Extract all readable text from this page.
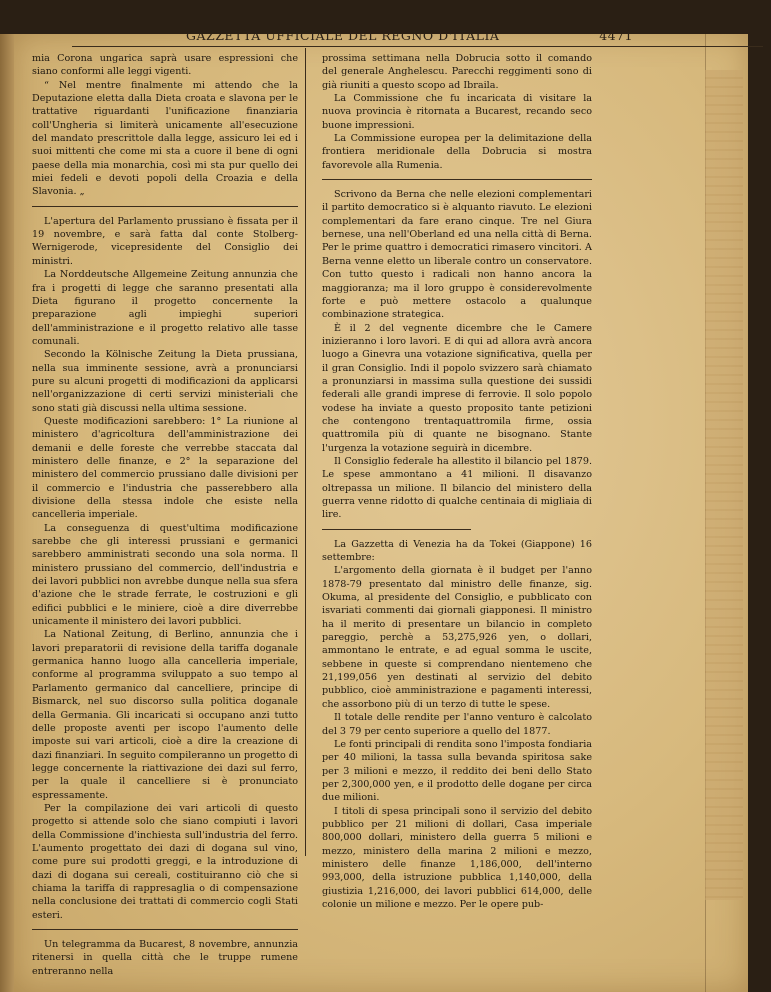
GAZZETTA UFFICIALE DEL REGNO D'ITALIA	4471

mia Corona ungarica saprà usare espressioni che siano conformi alle leggi vigenti.

“ Nel mentre finalmente mi attendo che la Deputazione eletta dalla Dieta croata e slavona per le trattative riguardanti l'unificazione finanziaria coll'Ungheria si limiterà unicamente all'esecuzione del mandato prescrittole dalla legge, assicuro lei ed i suoi mittenti che come mi sta a cuore il bene di ogni paese della mia monarchia, così mi sta pur quello dei miei fedeli e devoti popoli della Croazia e della Slavonia. „

L'apertura del Parlamento prussiano è fissata per il 19 novembre, e sarà fatta dal conte Stolberg-Wernigerode, vicepresidente del Consiglio dei ministri.

La Norddeutsche Allgemeine Zeitung annunzia che fra i progetti di legge che saranno presentati alla Dieta figurano il progetto concernente la preparazione agli impieghi superiori dell'amministrazione e il progetto relativo alle tasse comunali.

Secondo la Kölnische Zeitung la Dieta prussiana, nella sua imminente sessione, avrà a pronunciarsi pure su alcuni progetti di modificazioni da applicarsi nell'organizzazione di certi servizi ministeriali che sono stati già discussi nella ultima sessione.

Queste modificazioni sarebbero: 1° La riunione al ministero d'agricoltura dell'amministrazione dei demanii e delle foreste che verrebbe staccata dal ministero delle finanze, e 2° la separazione del ministero del commercio prussiano dalle divisioni per il commercio e l'industria che passerebbero alla divisione della stessa indole che esiste nella cancelleria imperiale.

La conseguenza di quest'ultima modificazione sarebbe che gli interessi prussiani e germanici sarebbero amministrati secondo una sola norma. Il ministero prussiano del commercio, dell'industria e dei lavori pubblici non avrebbe dunque nella sua sfera d'azione che le strade ferrate, le costruzioni e gli edifici pubblici e le miniere, cioè a dire diverrebbe unicamente il ministero dei lavori pubblici.

La National Zeitung, di Berlino, annunzia che i lavori preparatorii di revisione della tariffa doganale germanica hanno luogo alla cancelleria imperiale, conforme al programma sviluppato a suo tempo al Parlamento germanico dal cancelliere, principe di Bismarck, nel suo discorso sulla politica doganale della Germania. Gli incaricati si occupano anzi tutto delle proposte aventi per iscopo l'aumento delle imposte sui vari articoli, cioè a dire la creazione di dazi finanziari. In seguito compileranno un progetto di legge concernente la riattivazione dei dazi sul ferro, per la quale il cancelliere si è pronunciato espressamente.

Per la compilazione dei vari articoli di questo progetto si attende solo che siano compiuti i lavori della Commissione d'inchiesta sull'industria del ferro. L'aumento progettato dei dazi di dogana sul vino, come pure sui prodotti greggi, e la introduzione di dazi di dogana sui cereali, costituiranno ciò che si chiama la tariffa di rappresaglia o di compensazione nella conclusione dei trattati di commercio cogli Stati esteri.

Un telegramma da Bucarest, 8 novembre, annunzia ritenersi in quella città che le truppe rumene entreranno nella

prossima settimana nella Dobrucia sotto il comando del generale Anghelescu. Parecchi reggimenti sono di già riuniti a questo scopo ad Ibraila.

La Commissione che fu incaricata di visitare la nuova provincia è ritornata a Bucarest, recando seco buone impressioni.

La Commissione europea per la delimitazione della frontiera meridionale della Dobrucia si mostra favorevole alla Rumenia.

Scrivono da Berna che nelle elezioni complementari il partito democratico si è alquanto riavuto. Le elezioni complementari da fare erano cinque. Tre nel Giura bernese, una nell'Oberland ed una nella città di Berna. Per le prime quattro i democratici rimasero vincitori. A Berna venne eletto un liberale contro un conservatore. Con tutto questo i radicali non hanno ancora la maggioranza; ma il loro gruppo è considerevolmente forte e può mettere ostacolo a qualunque combinazione strategica.

È il 2 del vegnente dicembre che le Camere inizieranno i loro lavori. E di qui ad allora avrà ancora luogo a Ginevra una votazione significativa, quella per il gran Consiglio. Indi il popolo svizzero sarà chiamato a pronunziarsi in massima sulla questione dei sussidi federali alle grandi imprese di ferrovie. Il solo popolo vodese ha inviate a questo proposito tante petizioni che contengono trentaquattromila firme, ossia quattromila più di quante ne bisognano. Stante l'urgenza la votazione seguirà in dicembre.

Il Consiglio federale ha allestito il bilancio pel 1879. Le spese ammontano a 41 milioni. Il disavanzo oltrepassa un milione. Il bilancio del ministero della guerra venne ridotto di qualche centinaia di migliaia di lire.

La Gazzetta di Venezia ha da Tokei (Giappone) 16 settembre:

L'argomento della giornata è il budget per l'anno 1878-79 presentato dal ministro delle finanze, sig. Okuma, al presidente del Consiglio, e pubblicato con isvariati commenti dai giornali giapponesi. Il ministro ha il merito di presentare un bilancio in completo pareggio, perchè a 53,275,926 yen, o dollari, ammontano le entrate, e ad egual somma le uscite, sebbene in queste si comprendano nientemeno che 21,199,056 yen destinati al servizio del debito pubblico, cioè amministrazione e pagamenti interessi, che assorbono più di un terzo di tutte le spese.

Il totale delle rendite per l'anno venturo è calcolato del 3 79 per cento superiore a quello del 1877.

Le fonti principali di rendita sono l'imposta fondiaria per 40 milioni, la tassa sulla bevanda spiritosa sake per 3 milioni e mezzo, il reddito dei beni dello Stato per 2,300,000 yen, e il prodotto delle dogane per circa due milioni.

I titoli di spesa principali sono il servizio del debito pubblico per 21 milioni di dollari, Casa imperiale 800,000 dollari, ministero della guerra 5 milioni e mezzo, ministero della marina 2 milioni e mezzo, ministero delle finanze 1,186,000, dell'interno 993,000, della istruzione pubblica 1,140,000, della giustizia 1,216,000, dei lavori pubblici 614,000, delle colonie un milione e mezzo. Per le opere pub-
